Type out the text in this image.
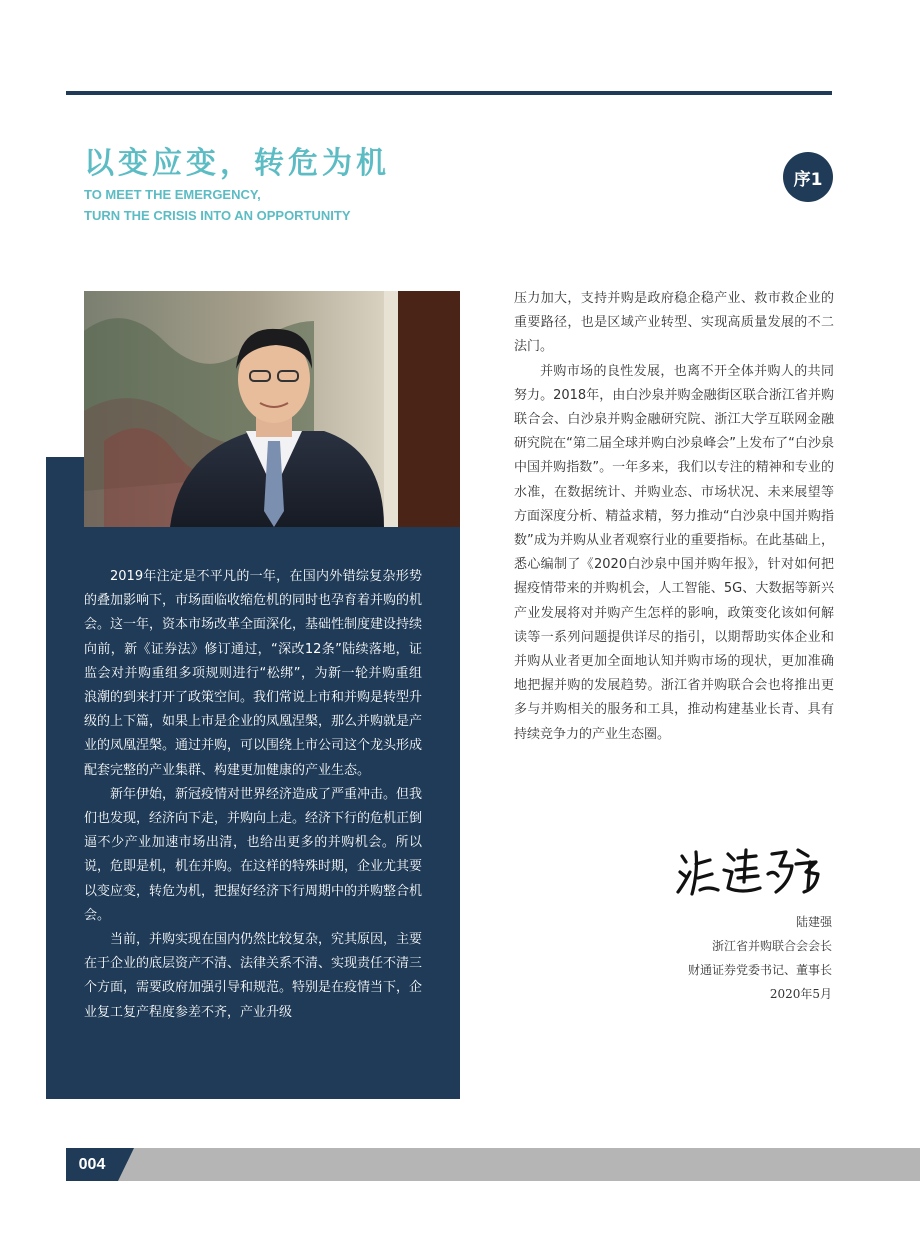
以变应变，转危为机
TO MEET THE EMERGENCY,
TURN THE CRISIS INTO AN OPPORTUNITY
序1

2019年注定是不平凡的一年，在国内外错综复杂形势的叠加影响下，市场面临收缩危机的同时也孕育着并购的机会。这一年，资本市场改革全面深化，基础性制度建设持续向前，新《证券法》修订通过，“深改12条”陆续落地，证监会对并购重组多项规则进行“松绑”，为新一轮并购重组浪潮的到来打开了政策空间。我们常说上市和并购是转型升级的上下篇，如果上市是企业的凤凰涅槃，那么并购就是产业的凤凰涅槃。通过并购，可以围绕上市公司这个龙头形成配套完整的产业集群、构建更加健康的产业生态。

新年伊始，新冠疫情对世界经济造成了严重冲击。但我们也发现，经济向下走，并购向上走。经济下行的危机正倒逼不少产业加速市场出清，也给出更多的并购机会。所以说，危即是机，机在并购。在这样的特殊时期，企业尤其要以变应变，转危为机，把握好经济下行周期中的并购整合机会。

当前，并购实现在国内仍然比较复杂，究其原因，主要在于企业的底层资产不清、法律关系不清、实现责任不清三个方面，需要政府加强引导和规范。特别是在疫情当下，企业复工复产程度参差不齐，产业升级

压力加大，支持并购是政府稳企稳产业、救市救企业的重要路径，也是区域产业转型、实现高质量发展的不二法门。

并购市场的良性发展，也离不开全体并购人的共同努力。2018年，由白沙泉并购金融街区联合浙江省并购联合会、白沙泉并购金融研究院、浙江大学互联网金融研究院在“第二届全球并购白沙泉峰会”上发布了“白沙泉中国并购指数”。一年多来，我们以专注的精神和专业的水准，在数据统计、并购业态、市场状况、未来展望等方面深度分析、精益求精，努力推动“白沙泉中国并购指数”成为并购从业者观察行业的重要指标。在此基础上，悉心编制了《2020白沙泉中国并购年报》，针对如何把握疫情带来的并购机会，人工智能、5G、大数据等新兴产业发展将对并购产生怎样的影响，政策变化该如何解读等一系列问题提供详尽的指引，以期帮助实体企业和并购从业者更加全面地认知并购市场的现状，更加准确地把握并购的发展趋势。浙江省并购联合会也将推出更多与并购相关的服务和工具，推动构建基业长青、具有持续竞争力的产业生态圈。

陆建强
浙江省并购联合会会长
财通证券党委书记、董事长
2020年5月
004
